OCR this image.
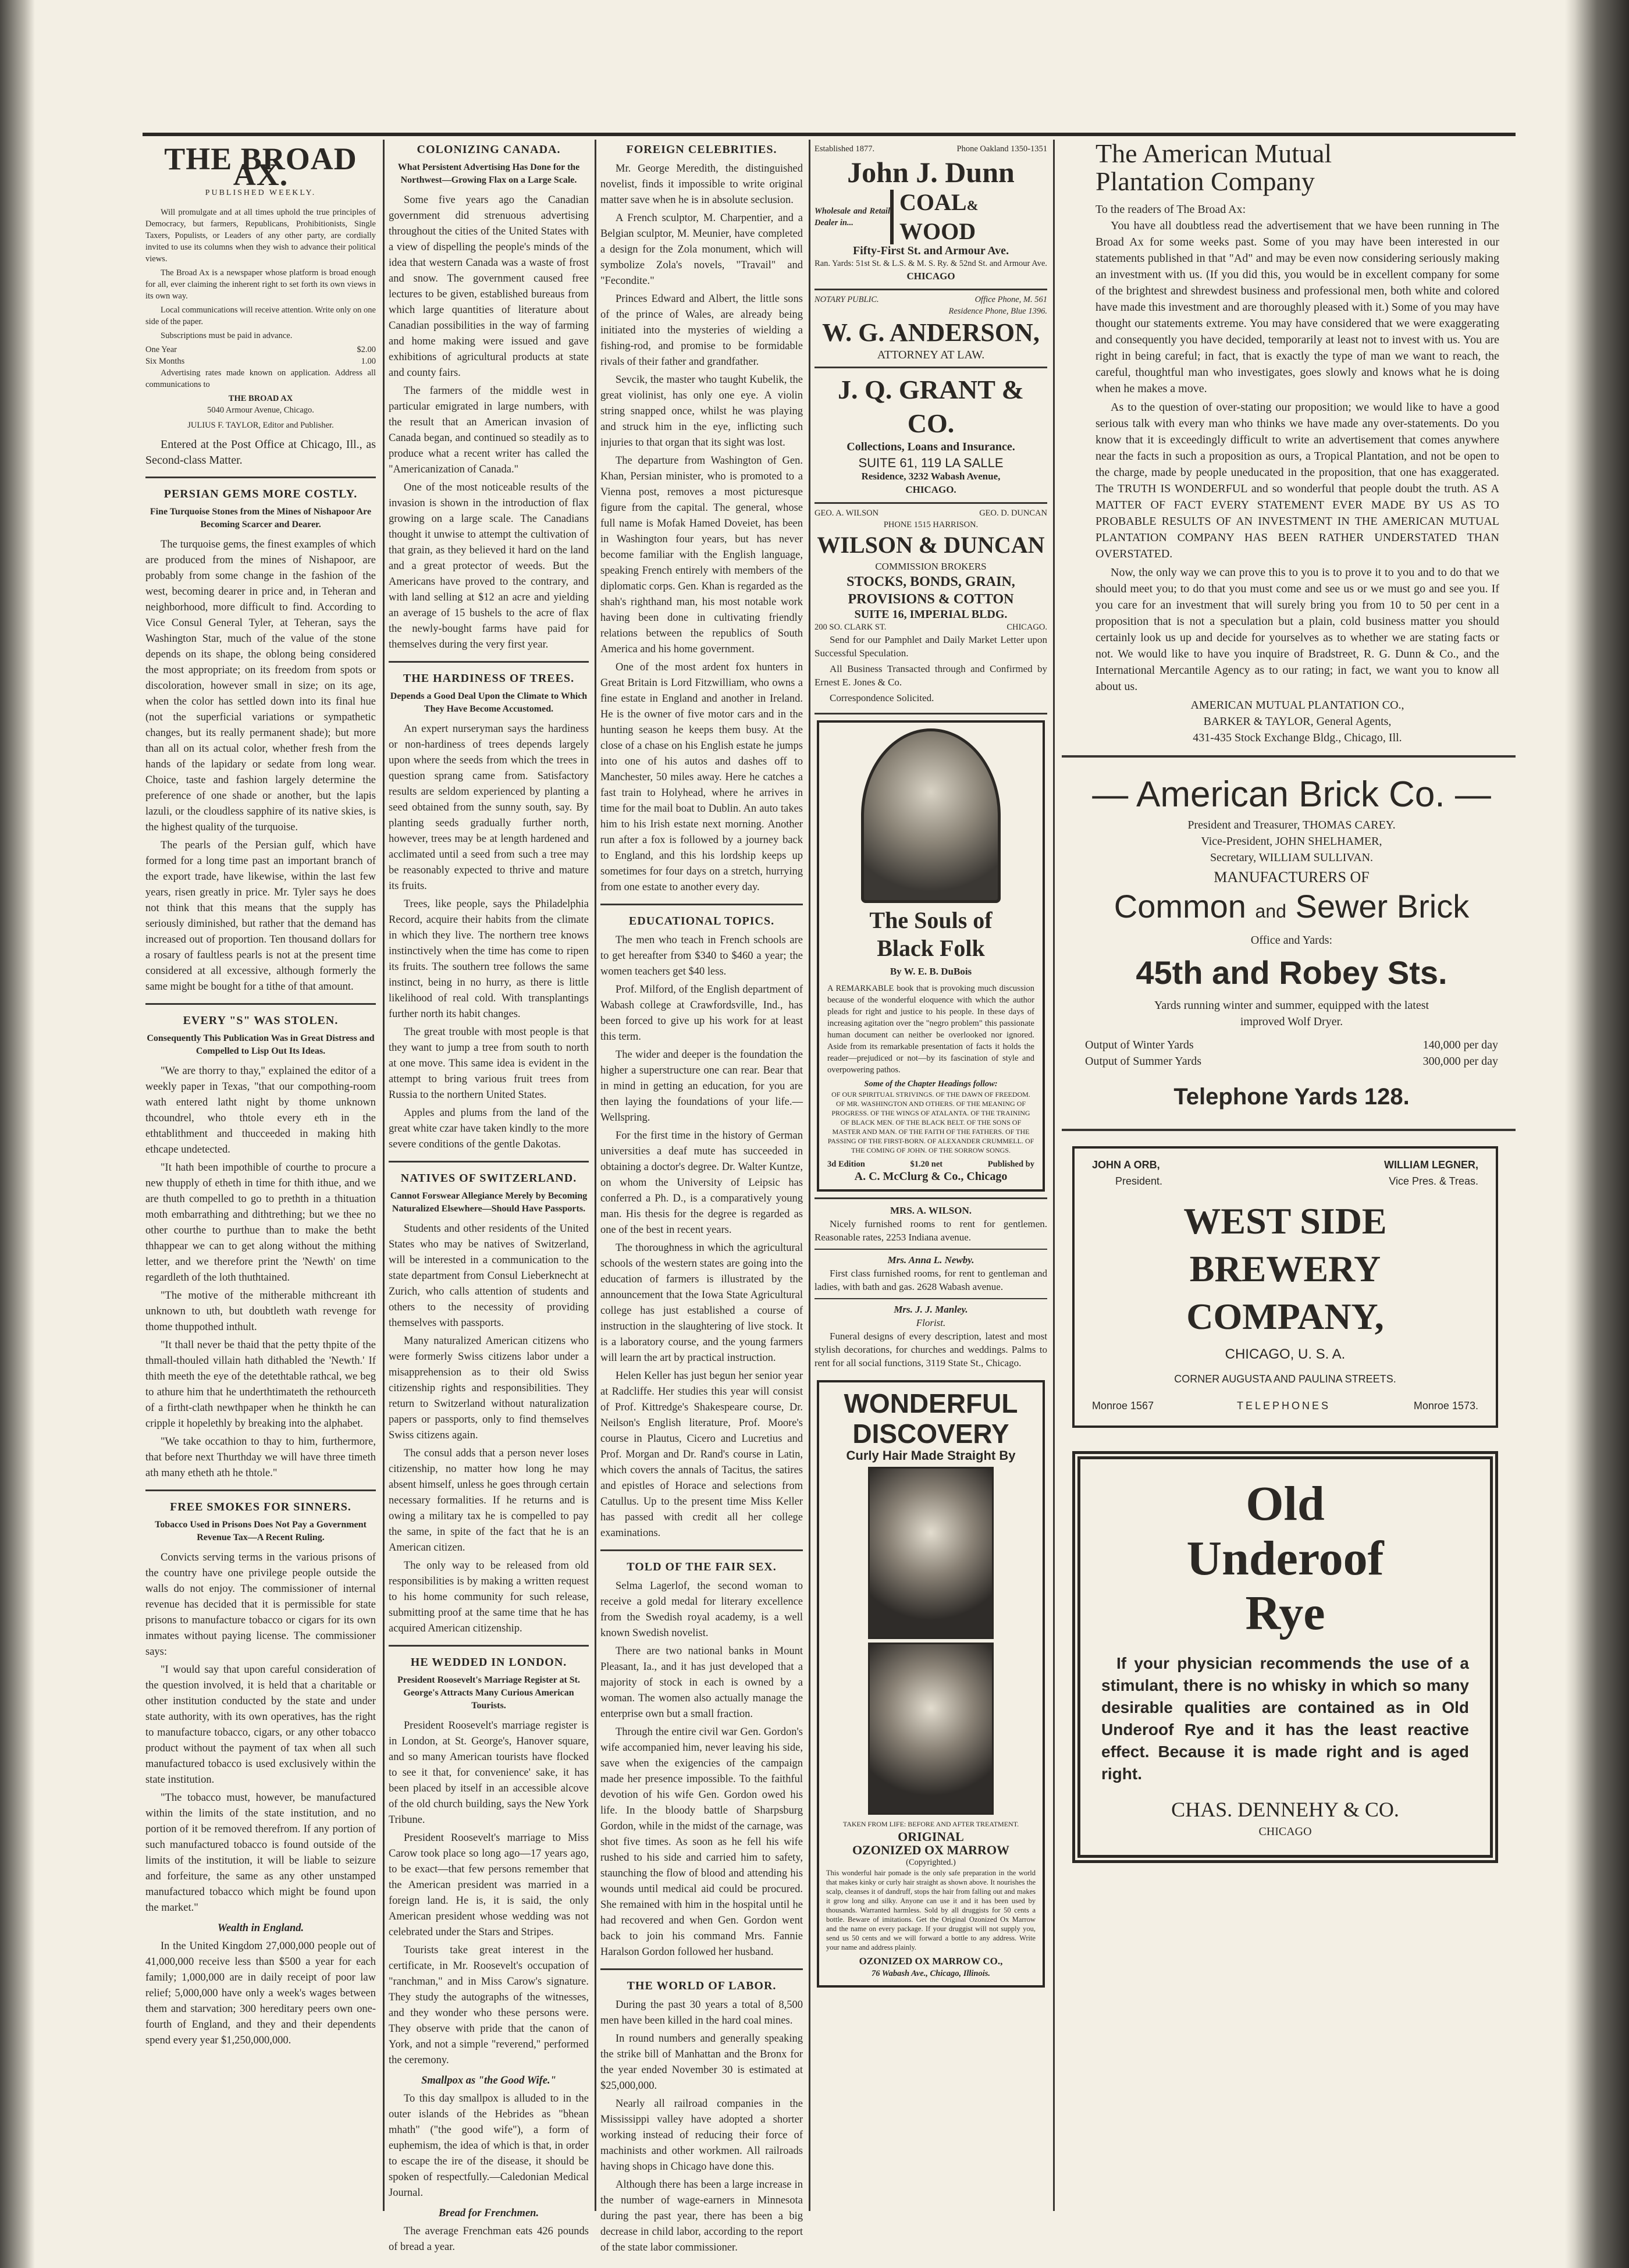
THE BROAD AX.
PUBLISHED WEEKLY.

Will promulgate and at all times uphold the true principles of Democracy, but farmers, Republicans, Prohibitionists, Single Taxers, Populists, or Leaders of any other party, are cordially invited to use its columns when they wish to advance their political views.

The Broad Ax is a newspaper whose platform is broad enough for all, ever claiming the inherent right to set forth its own views in its own way.

Local communications will receive attention. Write only on one side of the paper.

Subscriptions must be paid in advance.

One Year	$2.00
Six Months	1.00

Advertising rates made known on application. Address all communications to

THE BROAD AX
5040 Armour Avenue, Chicago.
JULIUS F. TAYLOR, Editor and Publisher.

Entered at the Post Office at Chicago, Ill., as Second-class Matter.

PERSIAN GEMS MORE COSTLY.
Fine Turquoise Stones from the Mines of Nishapoor Are Becoming Scarcer and Dearer.

The turquoise gems, the finest examples of which are produced from the mines of Nishapoor, are probably from some change in the fashion of the west, becoming dearer in price and, in Teheran and neighborhood, more difficult to find. According to Vice Consul General Tyler, at Teheran, says the Washington Star, much of the value of the stone depends on its shape, the oblong being considered the most appropriate; on its freedom from spots or discoloration, however small in size; on its age, when the color has settled down into its final hue (not the superficial variations or sympathetic changes, but its really permanent shade); but more than all on its actual color, whether fresh from the hands of the lapidary or sedate from long wear. Choice, taste and fashion largely determine the preference of one shade or another, but the lapis lazuli, or the cloudless sapphire of its native skies, is the highest quality of the turquoise.

The pearls of the Persian gulf, which have formed for a long time past an important branch of the export trade, have likewise, within the last few years, risen greatly in price. Mr. Tyler says he does not think that this means that the supply has seriously diminished, but rather that the demand has increased out of proportion. Ten thousand dollars for a rosary of faultless pearls is not at the present time considered at all excessive, although formerly the same might be bought for a tithe of that amount.

EVERY "S" WAS STOLEN.
Consequently This Publication Was in Great Distress and Compelled to Lisp Out Its Ideas.

"We are thorry to thay," explained the editor of a weekly paper in Texas, "that our compothing-room wath entered latht night by thome unknown thcoundrel, who thtole every eth in the ethtablithment and thucceeded in making hith ethcape undetected.

"It hath been impothible of courthe to procure a new thupply of etheth in time for thith ithue, and we are thuth compelled to go to prethth in a thituation moth embarrathing and dithtrething; but we thee no other courthe to purthue than to make the betht thhappear we can to get along without the mithing letter, and we therefore print the 'Newth' on time regardleth of the loth thuthtained.

"The motive of the mitherable mithcreant ith unknown to uth, but doubtleth wath revenge for thome thuppothed inthult.

"It thall never be thaid that the petty thpite of the thmall-thouled villain hath dithabled the 'Newth.' If thith meeth the eye of the detethtable rathcal, we beg to athure him that he underthtimateth the rethourceth of a firtht-clath newthpaper when he thinkth he can cripple it hopelethly by breaking into the alphabet.

"We take occathion to thay to him, furthermore, that before next Thurthday we will have three timeth ath many etheth ath he thtole."

FREE SMOKES FOR SINNERS.
Tobacco Used in Prisons Does Not Pay a Government Revenue Tax—A Recent Ruling.

Convicts serving terms in the various prisons of the country have one privilege people outside the walls do not enjoy. The commissioner of internal revenue has decided that it is permissible for state prisons to manufacture tobacco or cigars for its own inmates without paying license. The commissioner says:

"I would say that upon careful consideration of the question involved, it is held that a charitable or other institution conducted by the state and under state authority, with its own operatives, has the right to manufacture tobacco, cigars, or any other tobacco product without the payment of tax when all such manufactured tobacco is used exclusively within the state institution.

"The tobacco must, however, be manufactured within the limits of the state institution, and no portion of it be removed therefrom. If any portion of such manufactured tobacco is found outside of the limits of the institution, it will be liable to seizure and forfeiture, the same as any other unstamped manufactured tobacco which might be found upon the market."

Wealth in England.

In the United Kingdom 27,000,000 people out of 41,000,000 receive less than $500 a year for each family; 1,000,000 are in daily receipt of poor law relief; 5,000,000 have only a week's wages between them and starvation; 300 hereditary peers own one-fourth of England, and they and their dependents spend every year $1,250,000,000.

COLONIZING CANADA.
What Persistent Advertising Has Done for the Northwest—Growing Flax on a Large Scale.

Some five years ago the Canadian government did strenuous advertising throughout the cities of the United States with a view of dispelling the people's minds of the idea that western Canada was a waste of frost and snow. The government caused free lectures to be given, established bureaus from which large quantities of literature about Canadian possibilities in the way of farming and home making were issued and gave exhibitions of agricultural products at state and county fairs.

The farmers of the middle west in particular emigrated in large numbers, with the result that an American invasion of Canada began, and continued so steadily as to produce what a recent writer has called the "Americanization of Canada."

One of the most noticeable results of the invasion is shown in the introduction of flax growing on a large scale. The Canadians thought it unwise to attempt the cultivation of that grain, as they believed it hard on the land and a great protector of weeds. But the Americans have proved to the contrary, and with land selling at $12 an acre and yielding an average of 15 bushels to the acre of flax the newly-bought farms have paid for themselves during the very first year.

THE HARDINESS OF TREES.
Depends a Good Deal Upon the Climate to Which They Have Become Accustomed.

An expert nurseryman says the hardiness or non-hardiness of trees depends largely upon where the seeds from which the trees in question sprang came from. Satisfactory results are seldom experienced by planting a seed obtained from the sunny south, say. By planting seeds gradually further north, however, trees may be at length hardened and acclimated until a seed from such a tree may be reasonably expected to thrive and mature its fruits.

Trees, like people, says the Philadelphia Record, acquire their habits from the climate in which they live. The northern tree knows instinctively when the time has come to ripen its fruits. The southern tree follows the same instinct, being in no hurry, as there is little likelihood of real cold. With transplantings further north its habit changes.

The great trouble with most people is that they want to jump a tree from south to north at one move. This same idea is evident in the attempt to bring various fruit trees from Russia to the northern United States.

Apples and plums from the land of the great white czar have taken kindly to the more severe conditions of the gentle Dakotas.

NATIVES OF SWITZERLAND.
Cannot Forswear Allegiance Merely by Becoming Naturalized Elsewhere—Should Have Passports.

Students and other residents of the United States who may be natives of Switzerland, will be interested in a communication to the state department from Consul Lieberknecht at Zurich, who calls attention of students and others to the necessity of providing themselves with passports.

Many naturalized American citizens who were formerly Swiss citizens labor under a misapprehension as to their old Swiss citizenship rights and responsibilities. They return to Switzerland without naturalization papers or passports, only to find themselves Swiss citizens again.

The consul adds that a person never loses citizenship, no matter how long he may absent himself, unless he goes through certain necessary formalities. If he returns and is owing a military tax he is compelled to pay the same, in spite of the fact that he is an American citizen.

The only way to be released from old responsibilities is by making a written request to his home community for such release, submitting proof at the same time that he has acquired American citizenship.

HE WEDDED IN LONDON.
President Roosevelt's Marriage Register at St. George's Attracts Many Curious American Tourists.

President Roosevelt's marriage register is in London, at St. George's, Hanover square, and so many American tourists have flocked to see it that, for convenience' sake, it has been placed by itself in an accessible alcove of the old church building, says the New York Tribune.

President Roosevelt's marriage to Miss Carow took place so long ago—17 years ago, to be exact—that few persons remember that the American president was married in a foreign land. He is, it is said, the only American president whose wedding was not celebrated under the Stars and Stripes.

Tourists take great interest in the certificate, in Mr. Roosevelt's occupation of "ranchman," and in Miss Carow's signature. They study the autographs of the witnesses, and they wonder who these persons were. They observe with pride that the canon of York, and not a simple "reverend," performed the ceremony.

Smallpox as "the Good Wife."

To this day smallpox is alluded to in the outer islands of the Hebrides as "bhean mhath" ("the good wife"), a form of euphemism, the idea of which is that, in order to escape the ire of the disease, it should be spoken of respectfully.—Caledonian Medical Journal.

Bread for Frenchmen.

The average Frenchman eats 426 pounds of bread a year.

FOREIGN CELEBRITIES.

Mr. George Meredith, the distinguished novelist, finds it impossible to write original matter save when he is in absolute seclusion.

A French sculptor, M. Charpentier, and a Belgian sculptor, M. Meunier, have completed a design for the Zola monument, which will symbolize Zola's novels, "Travail" and "Fecondite."

Princes Edward and Albert, the little sons of the prince of Wales, are already being initiated into the mysteries of wielding a fishing-rod, and promise to be formidable rivals of their father and grandfather.

Sevcik, the master who taught Kubelik, the great violinist, has only one eye. A violin string snapped once, whilst he was playing and struck him in the eye, inflicting such injuries to that organ that its sight was lost.

The departure from Washington of Gen. Khan, Persian minister, who is promoted to a Vienna post, removes a most picturesque figure from the capital. The general, whose full name is Mofak Hamed Doveiet, has been in Washington four years, but has never become familiar with the English language, speaking French entirely with members of the diplomatic corps. Gen. Khan is regarded as the shah's righthand man, his most notable work having been done in cultivating friendly relations between the republics of South America and his home government.

One of the most ardent fox hunters in Great Britain is Lord Fitzwilliam, who owns a fine estate in England and another in Ireland. He is the owner of five motor cars and in the hunting season he keeps them busy. At the close of a chase on his English estate he jumps into one of his autos and dashes off to Manchester, 50 miles away. Here he catches a fast train to Holyhead, where he arrives in time for the mail boat to Dublin. An auto takes him to his Irish estate next morning. Another run after a fox is followed by a journey back to England, and this his lordship keeps up sometimes for four days on a stretch, hurrying from one estate to another every day.

EDUCATIONAL TOPICS.

The men who teach in French schools are to get hereafter from $340 to $460 a year; the women teachers get $40 less.

Prof. Milford, of the English department of Wabash college at Crawfordsville, Ind., has been forced to give up his work for at least this term.

The wider and deeper is the foundation the higher a superstructure one can rear. Bear that in mind in getting an education, for you are then laying the foundations of your life.—Wellspring.

For the first time in the history of German universities a deaf mute has succeeded in obtaining a doctor's degree. Dr. Walter Kuntze, on whom the University of Leipsic has conferred a Ph. D., is a comparatively young man. His thesis for the degree is regarded as one of the best in recent years.

The thoroughness in which the agricultural schools of the western states are going into the education of farmers is illustrated by the announcement that the Iowa State Agricultural college has just established a course of instruction in the slaughtering of live stock. It is a laboratory course, and the young farmers will learn the art by practical instruction.

Helen Keller has just begun her senior year at Radcliffe. Her studies this year will consist of Prof. Kittredge's Shakespeare course, Dr. Neilson's English literature, Prof. Moore's course in Plautus, Cicero and Lucretius and Prof. Morgan and Dr. Rand's course in Latin, which covers the annals of Tacitus, the satires and epistles of Horace and selections from Catullus. Up to the present time Miss Keller has passed with credit all her college examinations.

TOLD OF THE FAIR SEX.

Selma Lagerlof, the second woman to receive a gold medal for literary excellence from the Swedish royal academy, is a well known Swedish novelist.

There are two national banks in Mount Pleasant, Ia., and it has just developed that a majority of stock in each is owned by a woman. The women also actually manage the enterprise own but a small fraction.

Through the entire civil war Gen. Gordon's wife accompanied him, never leaving his side, save when the exigencies of the campaign made her presence impossible. To the faithful devotion of his wife Gen. Gordon owed his life. In the bloody battle of Sharpsburg Gordon, while in the midst of the carnage, was shot five times. As soon as he fell his wife rushed to his side and carried him to safety, staunching the flow of blood and attending his wounds until medical aid could be procured. She remained with him in the hospital until he had recovered and when Gen. Gordon went back to join his command Mrs. Fannie Haralson Gordon followed her husband.

THE WORLD OF LABOR.

During the past 30 years a total of 8,500 men have been killed in the hard coal mines.

In round numbers and generally speaking the strike bill of Manhattan and the Bronx for the year ended November 30 is estimated at $25,000,000.

Nearly all railroad companies in the Mississippi valley have adopted a shorter working instead of reducing their force of machinists and other workmen. All railroads having shops in Chicago have done this.

Although there has been a large increase in the number of wage-earners in Minnesota during the past year, there has been a big decrease in child labor, according to the report of the state labor commissioner.

Established 1877.	Phone Oakland 1350-1351
John J. Dunn
Wholesale and Retail Dealer in...
COAL&
WOOD
Fifty-First St. and Armour Ave.
Ran. Yards: 51st St. & L.S. & M. S. Ry. & 52nd St. and Armour Ave.
CHICAGO
NOTARY PUBLIC.	Office Phone, M. 561
Residence Phone, Blue 1396.
W. G. ANDERSON,
ATTORNEY AT LAW.
J. Q. GRANT & CO.
Collections, Loans and Insurance.
SUITE 61, 119 LA SALLE
Residence, 3232 Wabash Avenue,
CHICAGO.
GEO. A. WILSON	GEO. D. DUNCAN
PHONE 1515 HARRISON.
WILSON & DUNCAN
COMMISSION BROKERS
STOCKS, BONDS, GRAIN,
PROVISIONS & COTTON
SUITE 16, IMPERIAL BLDG.
200 SO. CLARK ST.	CHICAGO.

Send for our Pamphlet and Daily Market Letter upon Successful Speculation.

All Business Transacted through and Confirmed by Ernest E. Jones & Co.

Correspondence Solicited.

The Souls of
Black Folk
By W. E. B. DuBois

A REMARKABLE book that is provoking much discussion because of the wonderful eloquence with which the author pleads for right and justice to his people. In these days of increasing agitation over the "negro problem" this passionate human document can neither be overlooked nor ignored. Aside from its remarkable presentation of facts it holds the reader—prejudiced or not—by its fascination of style and overpowering pathos.

Some of the Chapter Headings follow:
OF OUR SPIRITUAL STRIVINGS. OF THE DAWN OF FREEDOM. OF MR. WASHINGTON AND OTHERS. OF THE MEANING OF PROGRESS. OF THE WINGS OF ATALANTA. OF THE TRAINING OF BLACK MEN. OF THE BLACK BELT. OF THE SONS OF MASTER AND MAN. OF THE FAITH OF THE FATHERS. OF THE PASSING OF THE FIRST-BORN. OF ALEXANDER CRUMMELL. OF THE COMING OF JOHN. OF THE SORROW SONGS.
3d Edition	$1.20 net	Published by
A. C. McClurg & Co., Chicago
MRS. A. WILSON.

Nicely furnished rooms to rent for gentlemen. Reasonable rates, 2253 Indiana avenue.

Mrs. Anna L. Newby.

First class furnished rooms, for rent to gentleman and ladies, with bath and gas. 2628 Wabash avenue.

Mrs. J. J. Manley.
Florist.

Funeral designs of every description, latest and most stylish decorations, for churches and weddings. Palms to rent for all social functions, 3119 State St., Chicago.

WONDERFUL
DISCOVERY
Curly Hair Made Straight By
TAKEN FROM LIFE: BEFORE AND AFTER TREATMENT.
ORIGINAL
OZONIZED OX MARROW
(Copyrighted.)

This wonderful hair pomade is the only safe preparation in the world that makes kinky or curly hair straight as shown above. It nourishes the scalp, cleanses it of dandruff, stops the hair from falling out and makes it grow long and silky. Anyone can use it and it has been used by thousands. Warranted harmless. Sold by all druggists for 50 cents a bottle. Beware of imitations. Get the Original Ozonized Ox Marrow and the name on every package. If your druggist will not supply you, send us 50 cents and we will forward a bottle to any address. Write your name and address plainly.

OZONIZED OX MARROW CO.,
76 Wabash Ave., Chicago, Illinois.
The American Mutual
Plantation Company
To the readers of The Broad Ax:

You have all doubtless read the advertisement that we have been running in The Broad Ax for some weeks past. Some of you may have been interested in our statements published in that "Ad" and may be even now considering seriously making an investment with us. (If you did this, you would be in excellent company for some of the brightest and shrewdest business and professional men, both white and colored have made this investment and are thoroughly pleased with it.) Some of you may have thought our statements extreme. You may have considered that we were exaggerating and consequently you have decided, temporarily at least not to invest with us. You are right in being careful; in fact, that is exactly the type of man we want to reach, the careful, thoughtful man who investigates, goes slowly and knows what he is doing when he makes a move.

As to the question of over-stating our proposition; we would like to have a good serious talk with every man who thinks we have made any over-statements. Do you know that it is exceedingly difficult to write an advertisement that comes anywhere near the facts in such a proposition as ours, a Tropical Plantation, and not be open to the charge, made by people uneducated in the proposition, that one has exaggerated. The TRUTH IS WONDERFUL and so wonderful that people doubt the truth. AS A MATTER OF FACT EVERY STATEMENT EVER MADE BY US AS TO PROBABLE RESULTS OF AN INVESTMENT IN THE AMERICAN MUTUAL PLANTATION COMPANY HAS BEEN RATHER UNDERSTATED THAN OVERSTATED.

Now, the only way we can prove this to you is to prove it to you and to do that we should meet you; to do that you must come and see us or we must go and see you. If you care for an investment that will surely bring you from 10 to 50 per cent in a proposition that is not a speculation but a plain, cold business matter you should certainly look us up and decide for yourselves as to whether we are stating facts or not. We would like to have you inquire of Bradstreet, R. G. Dunn & Co., and the International Mercantile Agency as to our rating; in fact, we want you to know all about us.

AMERICAN MUTUAL PLANTATION CO.,
BARKER & TAYLOR, General Agents,
431-435 Stock Exchange Bldg., Chicago, Ill.
— American Brick Co. —
President and Treasurer, THOMAS CAREY.
Vice-President, JOHN SHELHAMER,
Secretary, WILLIAM SULLIVAN.
MANUFACTURERS OF
Common and Sewer Brick
Office and Yards:
45th and Robey Sts.
Yards running winter and summer, equipped with the latest improved Wolf Dryer.
Output of Winter Yards	140,000 per day
Output of Summer Yards	300,000 per day
Telephone Yards 128.
JOHN A ORB,	WILLIAM LEGNER,
President.	Vice Pres. & Treas.
WEST SIDE
BREWERY
COMPANY,
CHICAGO, U. S. A.
CORNER AUGUSTA AND PAULINA STREETS.
Monroe 1567	TELEPHONES	Monroe 1573.
Old
Underoof
Rye

If your physician recommends the use of a stimulant, there is no whisky in which so many desirable qualities are contained as in Old Underoof Rye and it has the least reactive effect. Because it is made right and is aged right.

CHAS. DENNEHY & CO.
CHICAGO
